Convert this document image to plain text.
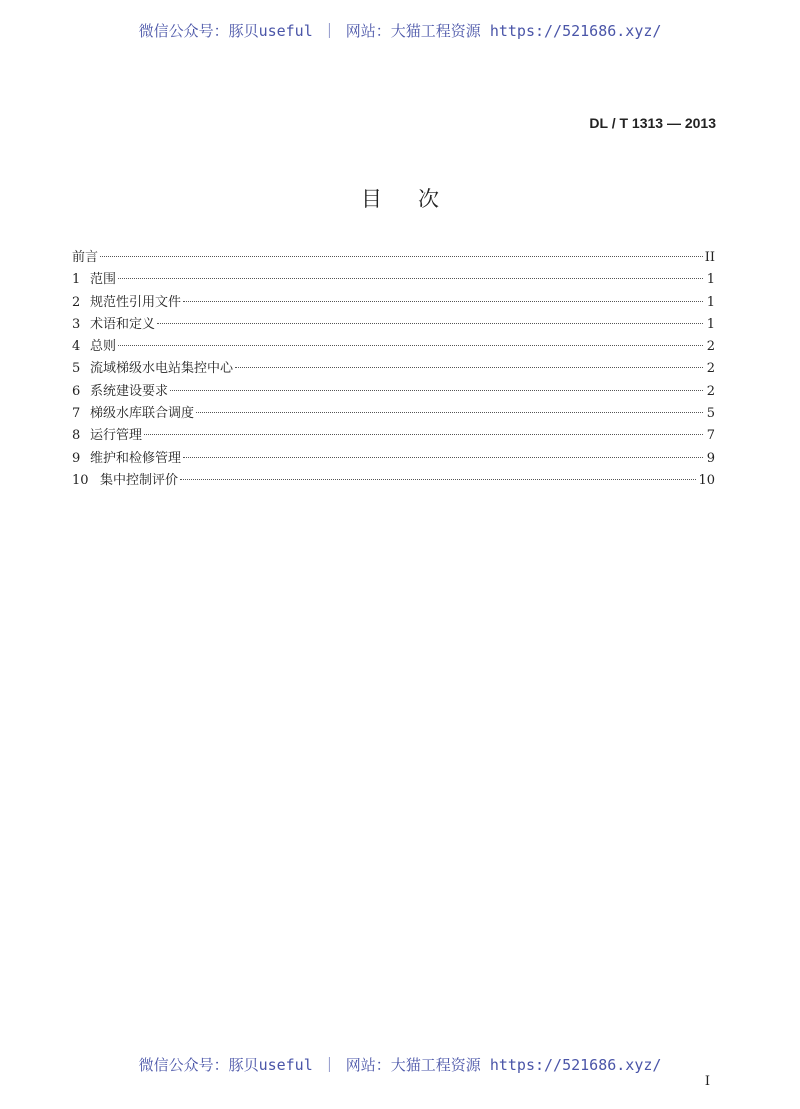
微信公众号：豚贝useful ｜ 网站：大猫工程资源 https://521686.xyz/
DL / T 1313 — 2013
目 次
前言	II
1 范围	1
2 规范性引用文件	1
3 术语和定义	1
4 总则	2
5 流域梯级水电站集控中心	2
6 系统建设要求	2
7 梯级水库联合调度	5
8 运行管理	7
9 维护和检修管理	9
10 集中控制评价	10
微信公众号：豚贝useful ｜ 网站：大猫工程资源 https://521686.xyz/
I
